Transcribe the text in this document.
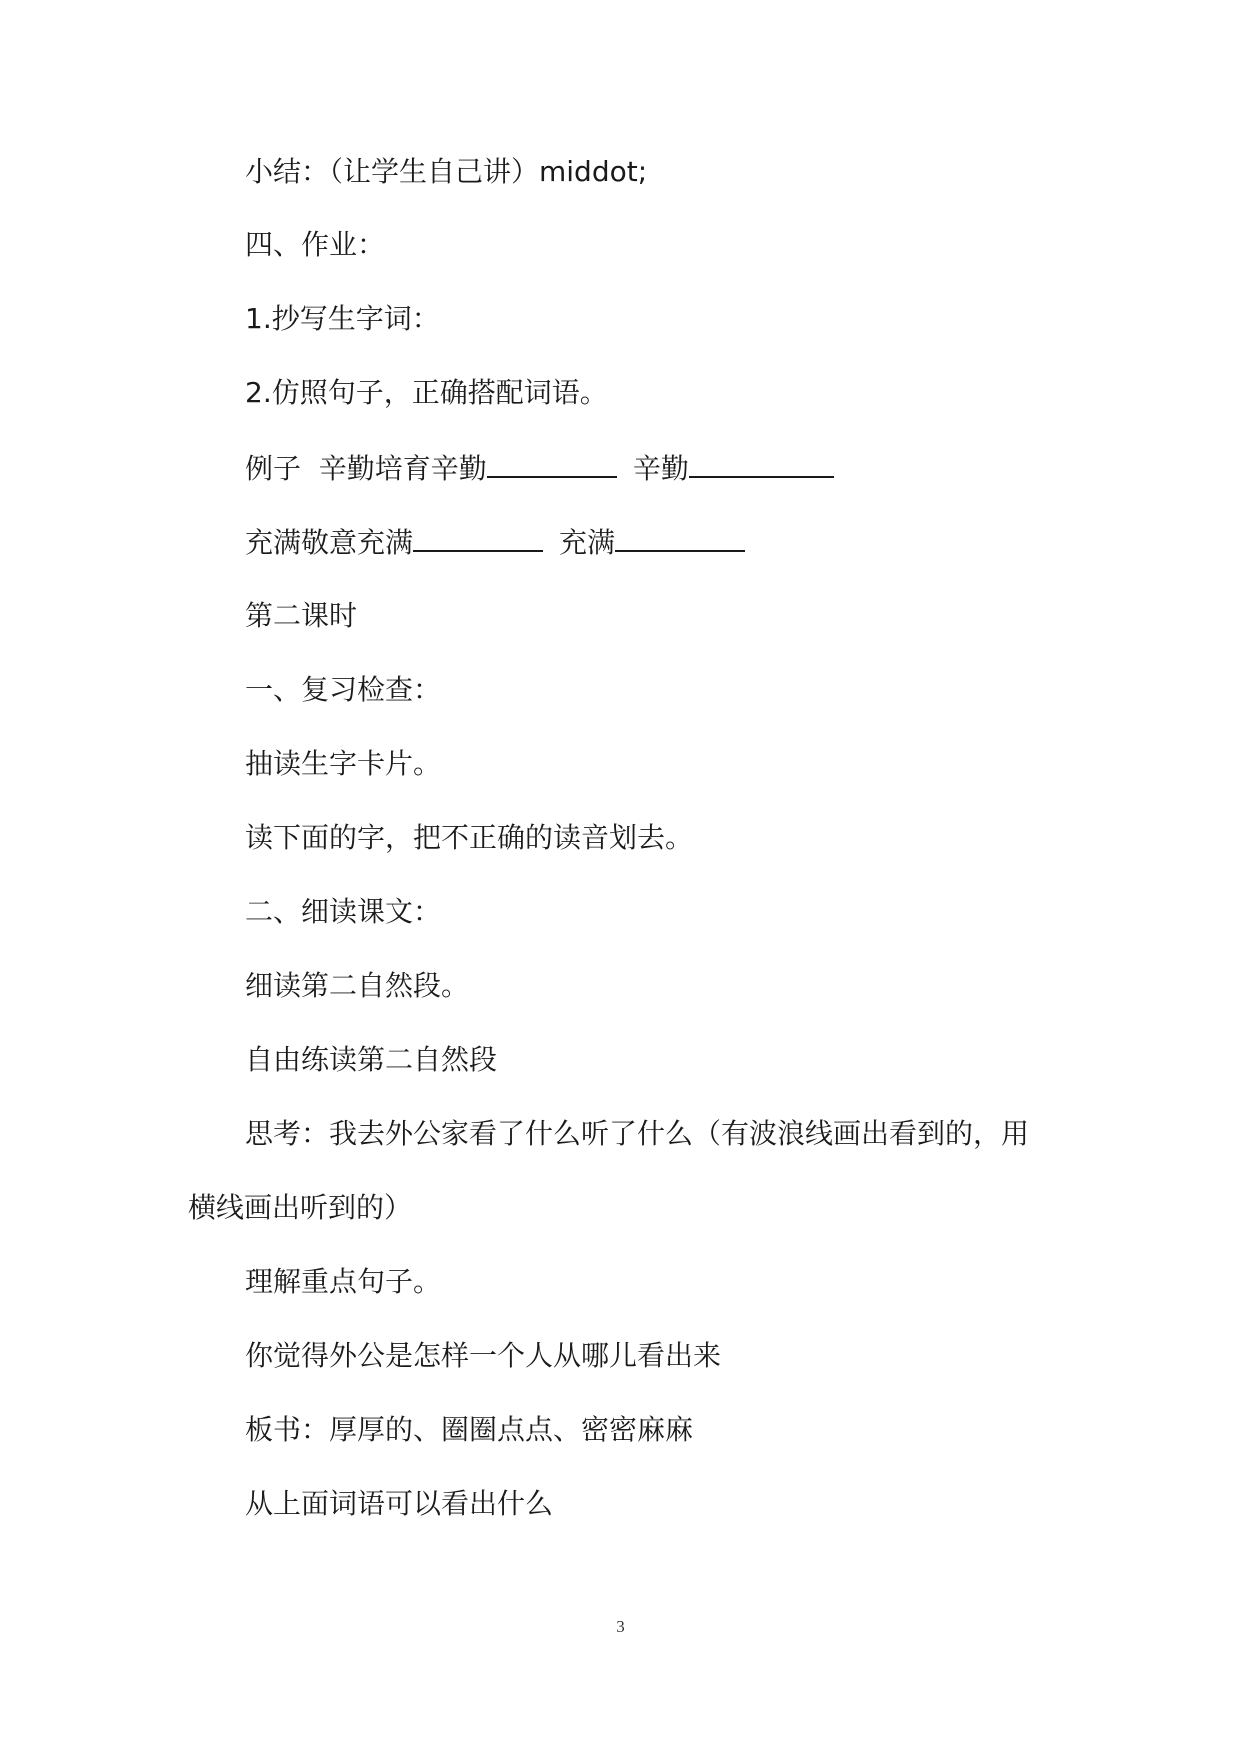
小结：（让学生自己讲）middot;
四、作业：
1.抄写生字词：
2.仿照句子，正确搭配词语。
例子  辛勤培育辛勤	辛勤
充满敬意充满	充满
第二课时
一、复习检查：
抽读生字卡片。
读下面的字，把不正确的读音划去。
二、细读课文：
细读第二自然段。
自由练读第二自然段
思考：我去外公家看了什么听了什么（有波浪线画出看到的，用
横线画出听到的）
理解重点句子。
你觉得外公是怎样一个人从哪儿看出来
板书：厚厚的、圈圈点点、密密麻麻
从上面词语可以看出什么
3
